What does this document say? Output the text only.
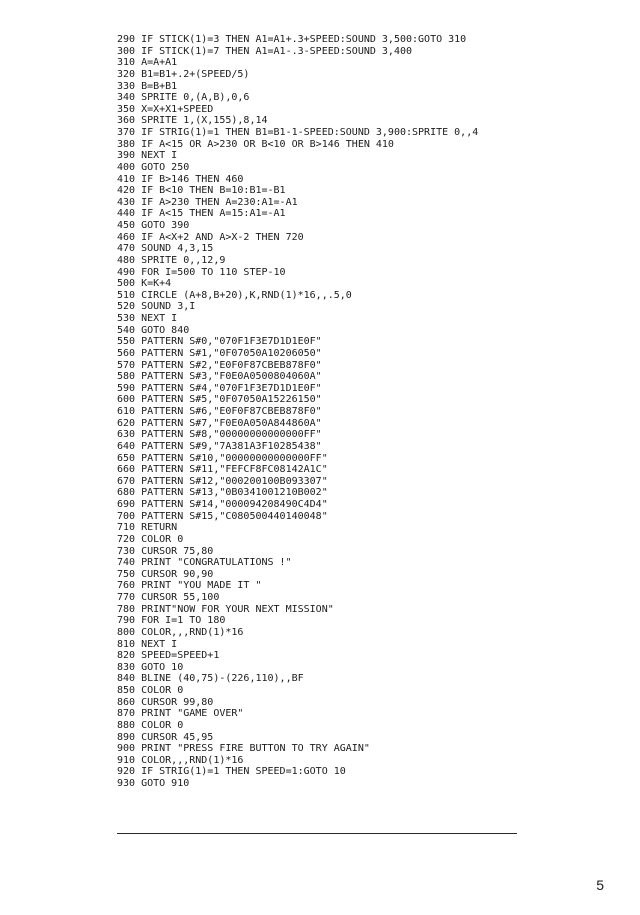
290 IF STICK(1)=3 THEN A1=A1+.3+SPEED:SOUND 3,500:GOTO 310
300 IF STICK(1)=7 THEN A1=A1-.3-SPEED:SOUND 3,400
310 A=A+A1
320 B1=B1+.2+(SPEED/5)
330 B=B+B1
340 SPRITE 0,(A,B),0,6
350 X=X+X1+SPEED
360 SPRITE 1,(X,155),8,14
370 IF STRIG(1)=1 THEN B1=B1-1-SPEED:SOUND 3,900:SPRITE 0,,4
380 IF A<15 OR A>230 OR B<10 OR B>146 THEN 410
390 NEXT I
400 GOTO 250
410 IF B>146 THEN 460
420 IF B<10 THEN B=10:B1=-B1
430 IF A>230 THEN A=230:A1=-A1
440 IF A<15 THEN A=15:A1=-A1
450 GOTO 390
460 IF A<X+2 AND A>X-2 THEN 720
470 SOUND 4,3,15
480 SPRITE 0,,12,9
490 FOR I=500 TO 110 STEP-10
500 K=K+4
510 CIRCLE (A+8,B+20),K,RND(1)*16,,.5,0
520 SOUND 3,I
530 NEXT I
540 GOTO 840
550 PATTERN S#0,"070F1F3E7D1D1E0F"
560 PATTERN S#1,"0F07050A10206050"
570 PATTERN S#2,"E0F0F87CBEB878F0"
580 PATTERN S#3,"F0E0A0500804060A"
590 PATTERN S#4,"070F1F3E7D1D1E0F"
600 PATTERN S#5,"0F07050A15226150"
610 PATTERN S#6,"E0F0F87CBEB878F0"
620 PATTERN S#7,"F0E0A050A844860A"
630 PATTERN S#8,"00000000000000FF"
640 PATTERN S#9,"7A381A3F10285438"
650 PATTERN S#10,"00000000000000FF"
660 PATTERN S#11,"FEFCF8FC08142A1C"
670 PATTERN S#12,"000200100B093307"
680 PATTERN S#13,"0B0341001210B002"
690 PATTERN S#14,"000094208490C4D4"
700 PATTERN S#15,"C080500440140048"
710 RETURN
720 COLOR 0
730 CURSOR 75,80
740 PRINT "CONGRATULATIONS !"
750 CURSOR 90,90
760 PRINT "YOU MADE IT "
770 CURSOR 55,100
780 PRINT"NOW FOR YOUR NEXT MISSION"
790 FOR I=1 TO 180
800 COLOR,,,RND(1)*16
810 NEXT I
820 SPEED=SPEED+1
830 GOTO 10
840 BLINE (40,75)-(226,110),,BF
850 COLOR 0
860 CURSOR 99,80
870 PRINT "GAME OVER"
880 COLOR 0
890 CURSOR 45,95
900 PRINT "PRESS FIRE BUTTON TO TRY AGAIN"
910 COLOR,,,RND(1)*16
920 IF STRIG(1)=1 THEN SPEED=1:GOTO 10
930 GOTO 910
5
